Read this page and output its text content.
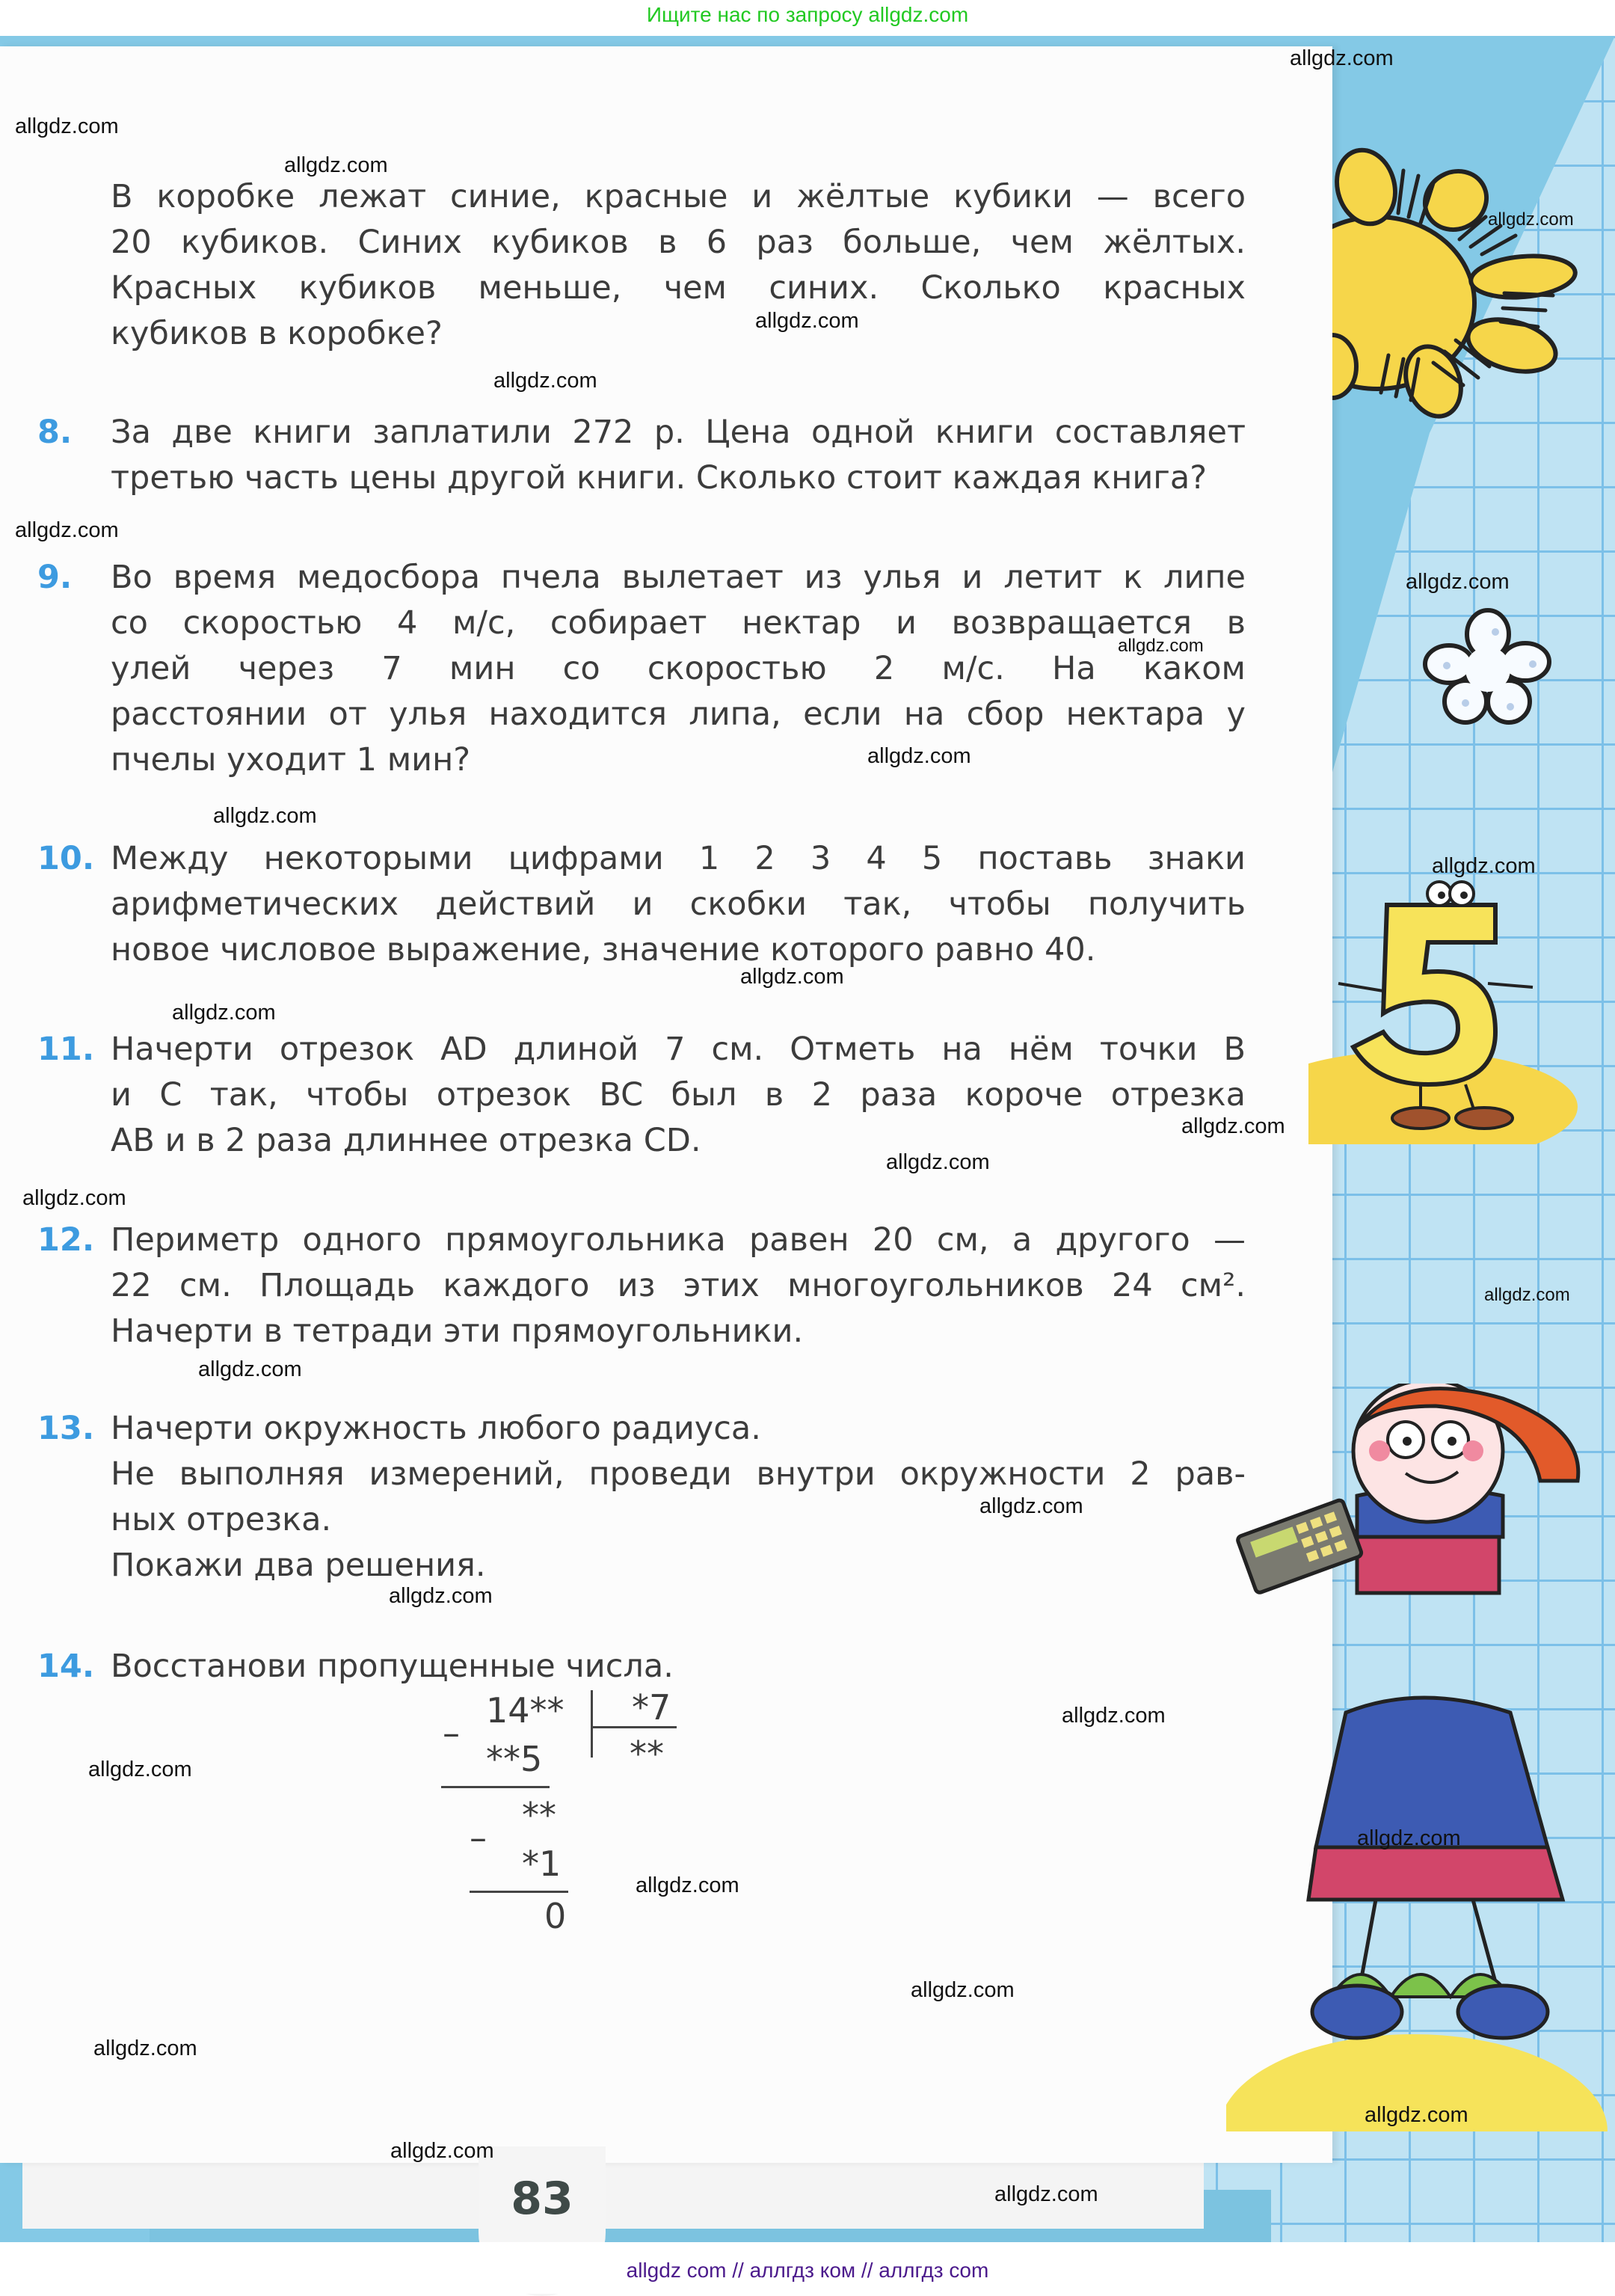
Ищите нас по запросу allgdz.com
В коробке лежат синие, красные и жёлтые кубики — всего
20 кубиков. Синих кубиков в 6 раз больше, чем жёлтых.
Красных кубиков меньше, чем синих. Сколько красных
кубиков в коробке?
8.	За две книги заплатили 272 р. Цена одной книги составляет
третью часть цены другой книги. Сколько стоит каждая книга?
9.	Во время медосбора пчела вылетает из улья и летит к липе
со скоростью 4 м/с, собирает нектар и возвращается в
улей через 7 мин со скоростью 2 м/с. На каком
расстоянии от улья находится липа, если на сбор нектара у
пчелы уходит 1 мин?
10. Между некоторыми цифрами 1 2 3 4 5 поставь знаки
арифметических действий и скобки так, чтобы получить
новое числовое выражение, значение которого равно 40.
11. Начерти отрезок AD длиной 7 см. Отметь на нём точки B
и C так, чтобы отрезок BC был в 2 раза короче отрезка
AB и в 2 раза длиннее отрезка CD.
12. Периметр одного прямоугольника равен 20 см, а другого —
22 см. Площадь каждого из этих многоугольников 24 см².
Начерти в тетради эти прямоугольники.
13. Начерти окружность любого радиуса.
Не выполняя измерений, проведи внутри окружности 2 рав-
ных отрезка.
Покажи два решения.
14. Восстанови пропущенные числа.
14**
–
*7
**
**5
**
–
*1
0
83
allgdz.com
allgdz.com
allgdz.com
allgdz.com
allgdz.com
allgdz.com
allgdz.com
allgdz.com
allgdz.com
allgdz.com
allgdz.com
allgdz.com
allgdz.com
allgdz.com
allgdz.com
allgdz.com
allgdz.com
allgdz.com
allgdz.com
allgdz.com
allgdz.com
allgdz.com
allgdz.com
allgdz.com
allgdz.com
allgdz.com
allgdz.com
allgdz.com
allgdz.com
allgdz.com
allgdz com // аллгдз ком // аллгдз com
